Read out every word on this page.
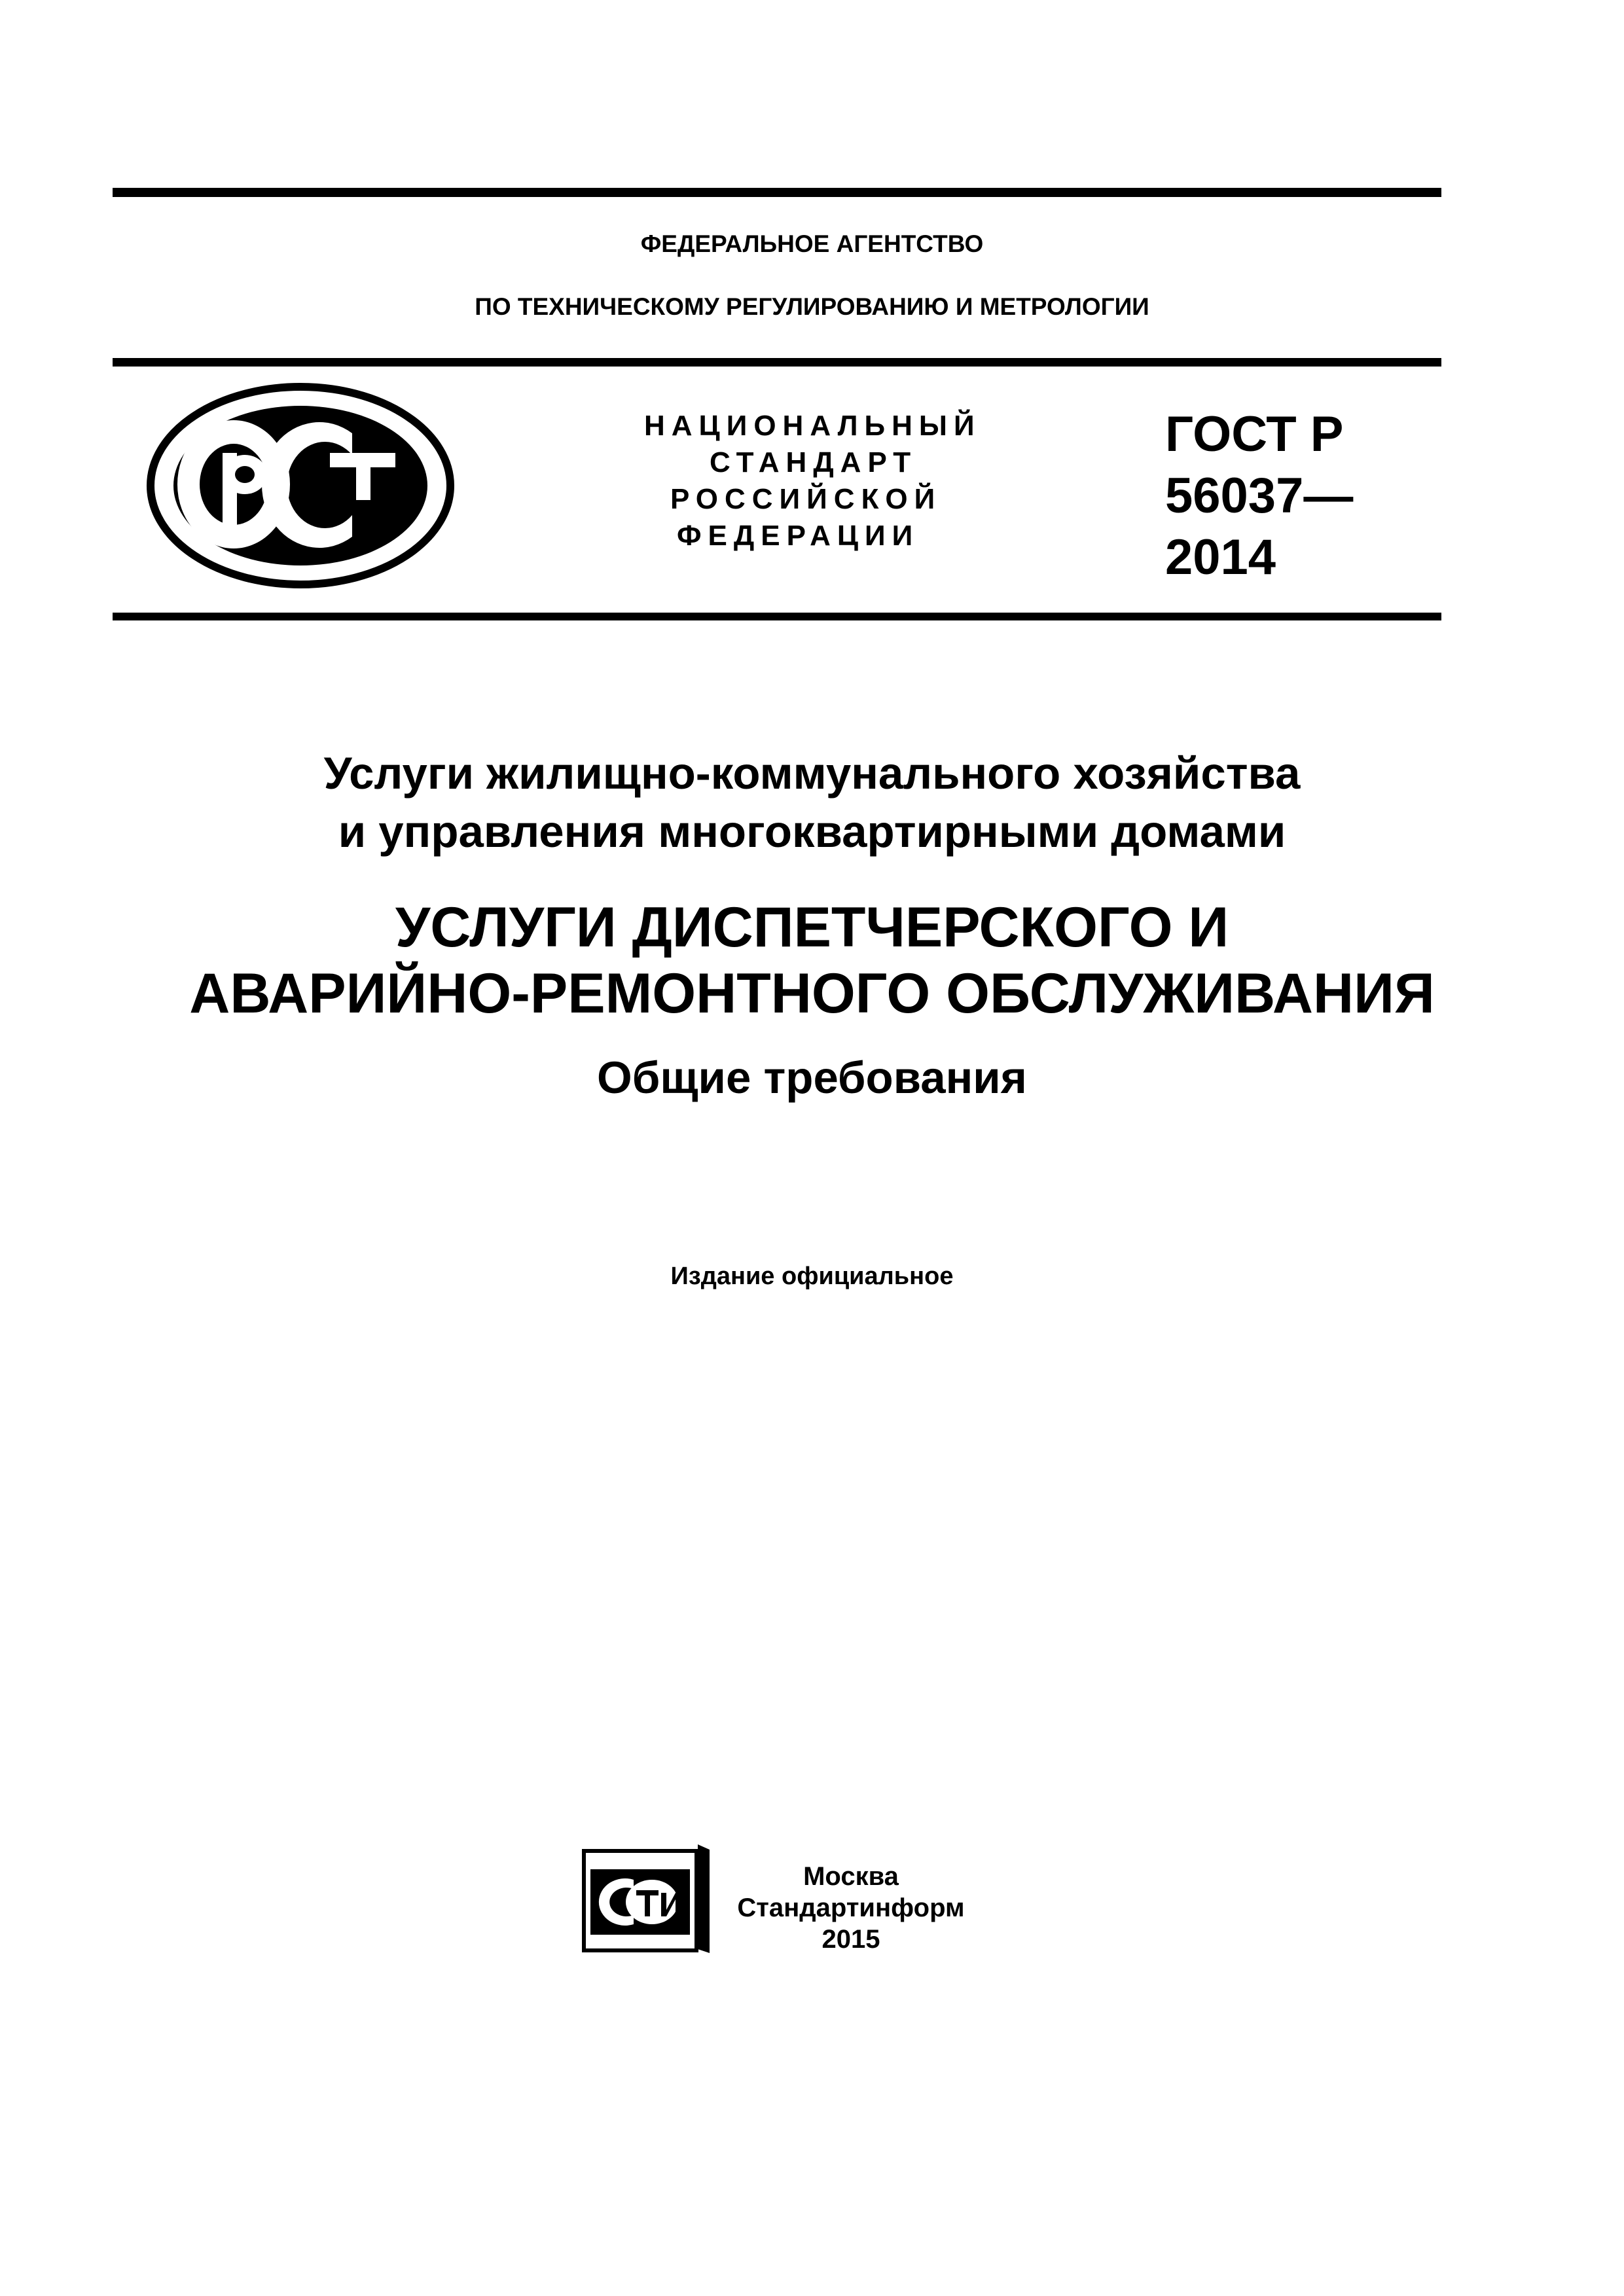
ФЕДЕРАЛЬНОЕ АГЕНТСТВО
ПО ТЕХНИЧЕСКОМУ РЕГУЛИРОВАНИЮ И МЕТРОЛОГИИ
НАЦИОНАЛЬНЫЙ
СТАНДАРТ
РОССИЙСКОЙ
ФЕДЕРАЦИИ
ГОСТ Р
56037—
2014
Услуги жилищно-коммунального хозяйства
и управления многоквартирными домами
УСЛУГИ ДИСПЕТЧЕРСКОГО И
АВАРИЙНО-РЕМОНТНОГО ОБСЛУЖИВАНИЯ
Общие требования
Издание официальное
Москва
Стандартинформ
2015
